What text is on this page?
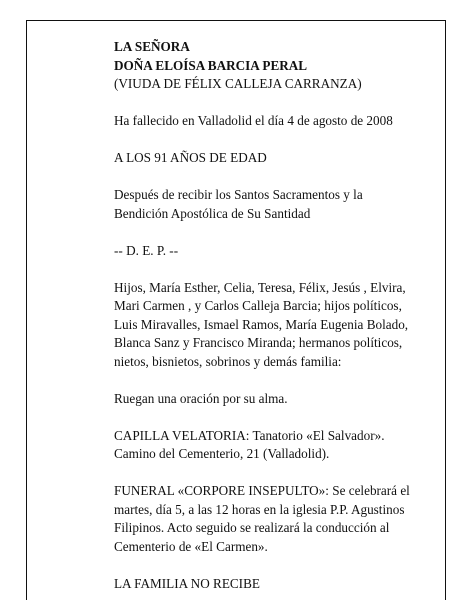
LA SEÑORA
DOÑA ELOÍSA BARCIA PERAL
(VIUDA DE FÉLIX CALLEJA CARRANZA)
Ha fallecido en Valladolid el día 4 de agosto de 2008
A LOS 91 AÑOS DE EDAD
Después de recibir los Santos Sacramentos y la
Bendición Apostólica de Su Santidad
-- D. E. P. --
Hijos, María Esther, Celia, Teresa, Félix, Jesús , Elvira,
Mari Carmen , y Carlos Calleja Barcia; hijos políticos,
Luis Miravalles, Ismael Ramos, María Eugenia Bolado,
Blanca Sanz y Francisco Miranda; hermanos políticos,
nietos, bisnietos, sobrinos y demás familia:
Ruegan una oración por su alma.
CAPILLA VELATORIA: Tanatorio «El Salvador».
Camino del Cementerio, 21 (Valladolid).
FUNERAL «CORPORE INSEPULTO»: Se celebrará el
martes, día 5, a las 12 horas en la iglesia P.P. Agustinos
Filipinos. Acto seguido se realizará la conducción al
Cementerio de «El Carmen».
LA FAMILIA NO RECIBE
